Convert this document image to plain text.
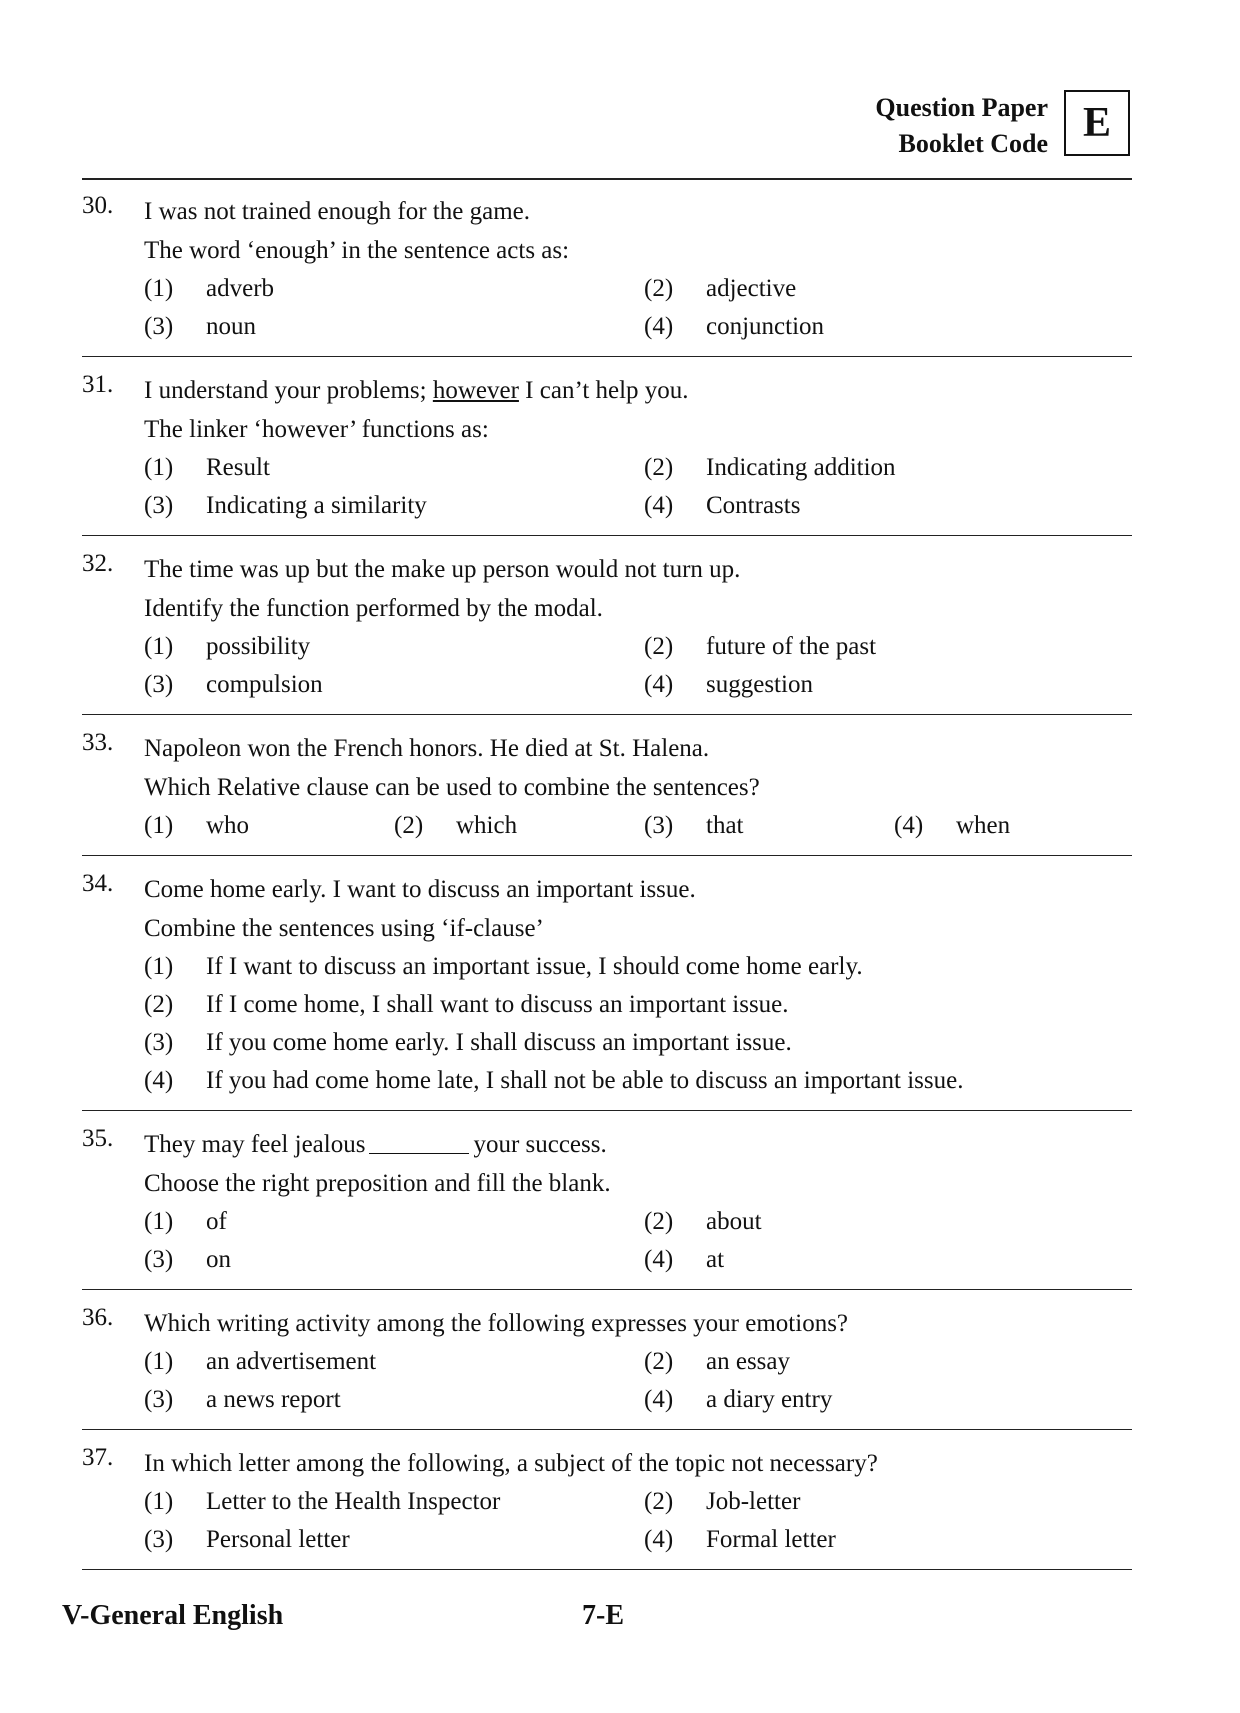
Question Paper
Booklet Code E
30. I was not trained enough for the game.
The word ‘enough’ in the sentence acts as:
(1) adverb	(2) adjective
(3) noun	(4) conjunction
31. I understand your problems; however I can’t help you.
The linker ‘however’ functions as:
(1) Result	(2) Indicating addition
(3) Indicating a similarity	(4) Contrasts
32. The time was up but the make up person would not turn up.
Identify the function performed by the modal.
(1) possibility	(2) future of the past
(3) compulsion	(4) suggestion
33. Napoleon won the French honors. He died at St. Halena.
Which Relative clause can be used to combine the sentences?
(1) who	(2) which	(3) that	(4) when
34. Come home early. I want to discuss an important issue.
Combine the sentences using ‘if-clause’
(1) If I want to discuss an important issue, I should come home early.
(2) If I come home, I shall want to discuss an important issue.
(3) If you come home early. I shall discuss an important issue.
(4) If you had come home late, I shall not be able to discuss an important issue.
35. They may feel jealous	your success.
Choose the right preposition and fill the blank.
(1) of	(2) about
(3) on	(4) at
36. Which writing activity among the following expresses your emotions?
(1) an advertisement	(2) an essay
(3) a news report	(4) a diary entry
37. In which letter among the following, a subject of the topic not necessary?
(1) Letter to the Health Inspector	(2) Job-letter
(3) Personal letter	(4) Formal letter
V-General English	7-E
